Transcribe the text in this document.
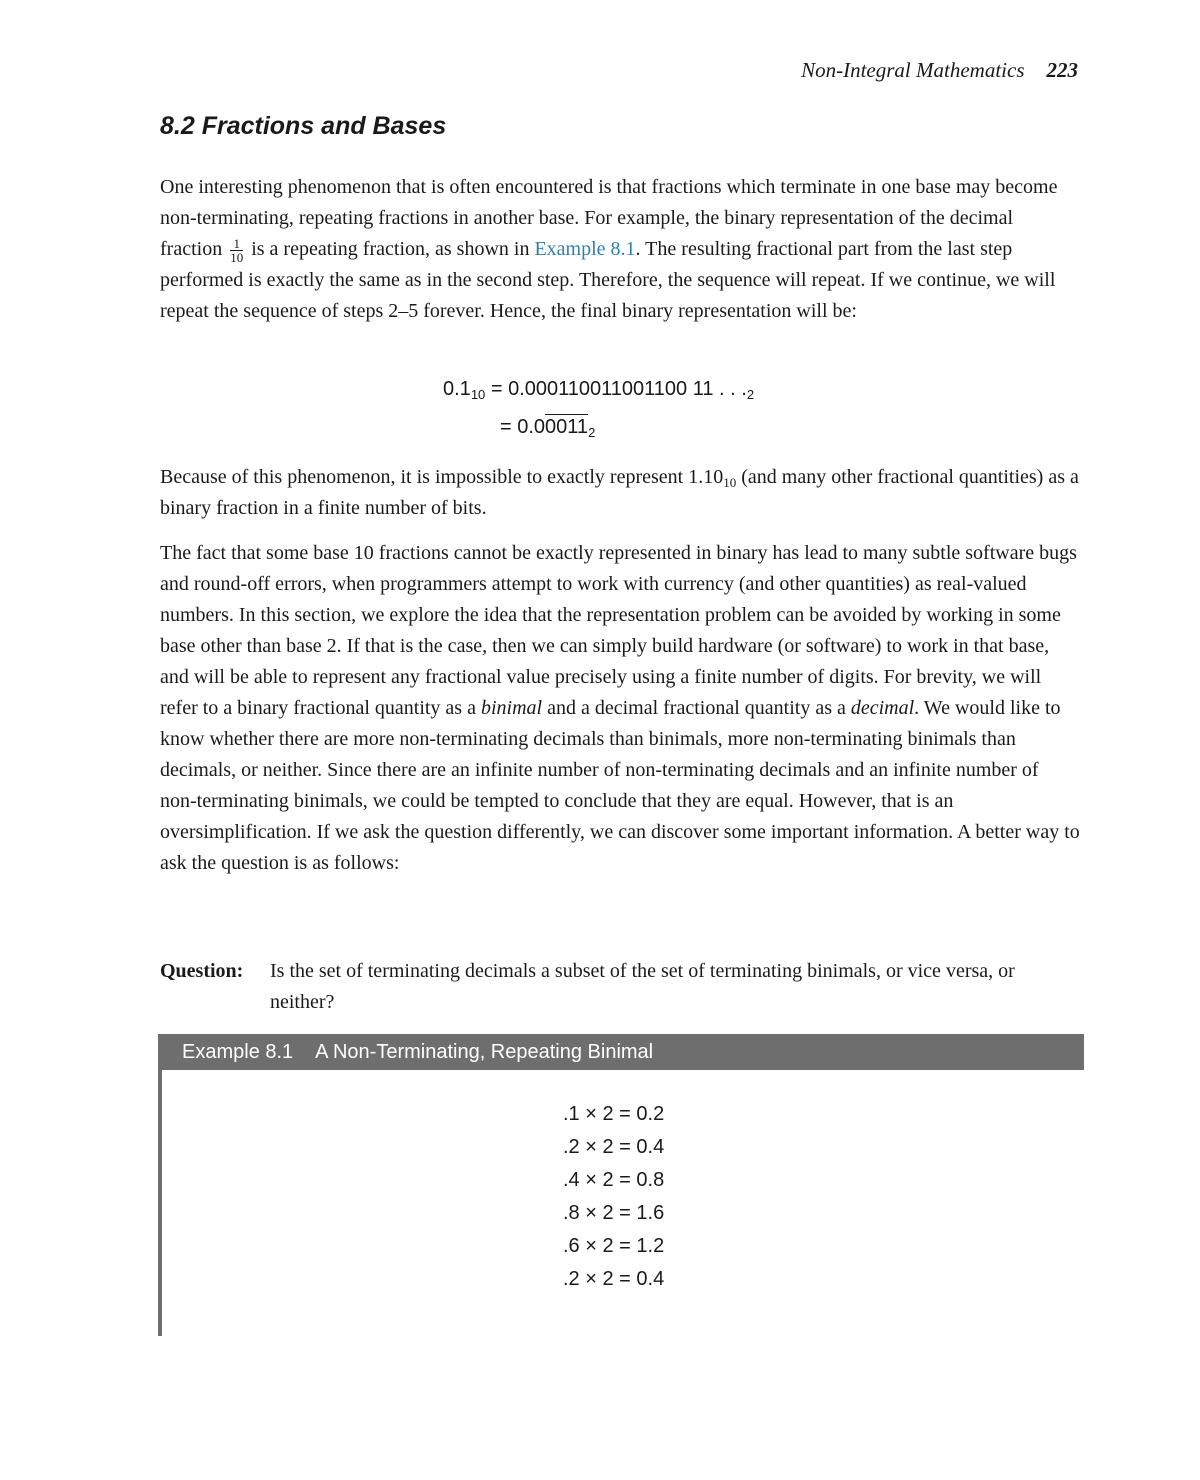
Non-Integral Mathematics 223
8.2 Fractions and Bases

One interesting phenomenon that is often encountered is that fractions which terminate in one base may become non-terminating, repeating fractions in another base. For example, the binary representation of the decimal fraction $\frac{1}{10}$ is a repeating fraction, as shown in Example 8.1. The resulting fractional part from the last step performed is exactly the same as in the second step. Therefore, the sequence will repeat. If we continue, we will repeat the sequence of steps 2–5 forever. Hence, the final binary representation will be:

$0.1_{10} = 0.000110011001100$ 11 . . $._2$
= $0.00011_2$

Because of this phenomenon, it is impossible to exactly represent $1.10_{10}$ (and many other fractional quantities) as a binary fraction in a finite number of bits.

The fact that some base 10 fractions cannot be exactly represented in binary has lead to many subtle software bugs and round-off errors, when programmers attempt to work with currency (and other quantities) as real-valued numbers. In this section, we explore the idea that the representation problem can be avoided by working in some base other than base 2. If that is the case, then we can simply build hardware (or software) to work in that base, and will be able to represent any fractional value precisely using a finite number of digits. For brevity, we will refer to a binary fractional quantity as a binimal and a decimal fractional quantity as a decimal. We would like to know whether there are more non-terminating decimals than binimals, more non-terminating binimals than decimals, or neither. Since there are an infinite number of non-terminating decimals and an infinite number of non-terminating binimals, we could be tempted to conclude that they are equal. However, that is an oversimplification. If we ask the question differently, we can discover some important information. A better way to ask the question is as follows:

Question: Is the set of terminating decimals a subset of the set of terminating binimals, or vice versa, or neither?
Example 8.1 A Non-Terminating, Repeating Binimal
.1 × 2 = 0.2
.2 × 2 = 0.4
.4 × 2 = 0.8
.8 × 2 = 1.6
.6 × 2 = 1.2
.2 × 2 = 0.4
